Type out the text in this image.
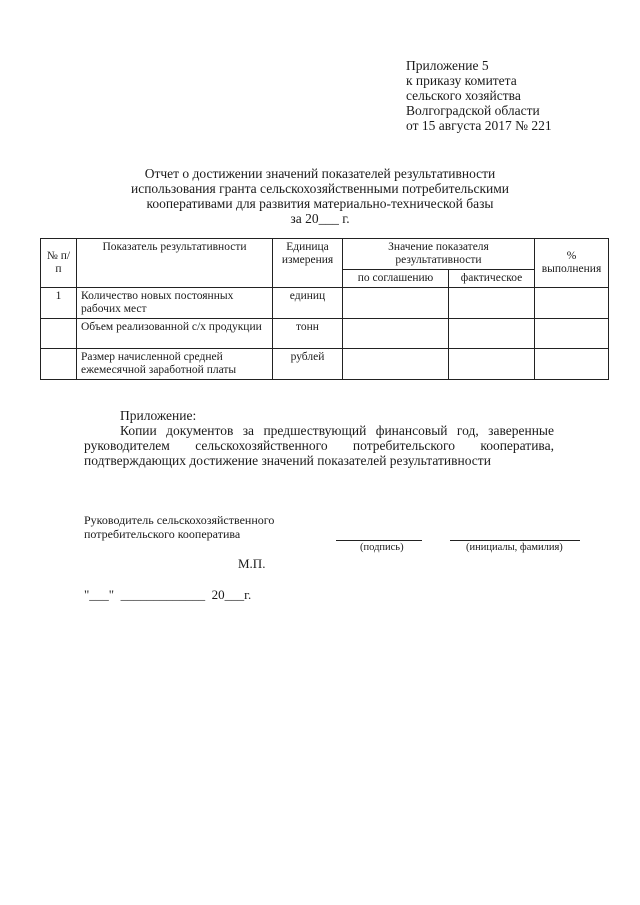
Приложение 5
к приказу комитета
сельского хозяйства
Волгоградской области
от 15 августа 2017 № 221
Отчет о достижении значений показателей результативности
использования гранта сельскохозяйственными потребительскими
кооперативами для развития материально-технической базы
за 20___ г.
№ п/п	Показатель результативности	Единица измерения	Значение показателя результативности		% выполнения
			по соглашению	фактическое	
1	Количество новых постоянных рабочих мест	единиц			
	Объем реализованной с/х продукции	тонн			
	Размер начисленной средней ежемесячной заработной платы	рублей			
Приложение:
Копии документов за предшествующий финансовый год, заверенные руководителем сельскохозяйственного потребительского кооператива, подтверждающих достижение значений показателей результативности
Руководитель сельскохозяйственного
потребительского кооператива
(подпись)	(инициалы, фамилия)
М.П.
"___"  _____________  20___г.
